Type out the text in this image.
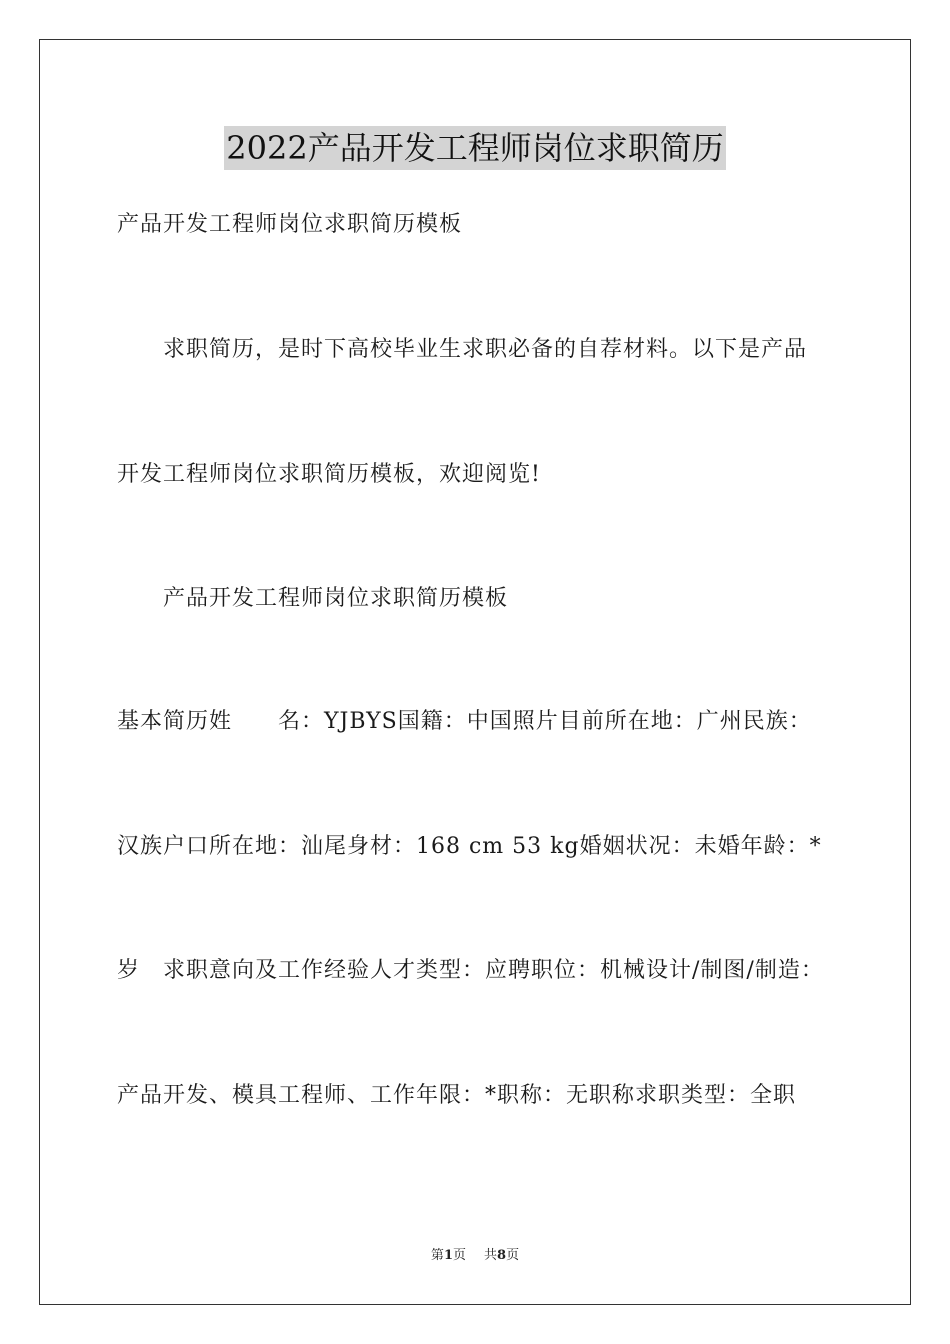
2022产品开发工程师岗位求职简历
产品开发工程师岗位求职简历模板
求职简历，是时下高校毕业生求职必备的自荐材料。以下是产品
开发工程师岗位求职简历模板，欢迎阅览!
产品开发工程师岗位求职简历模板
基本简历姓　　名：YJBYS国籍：中国照片目前所在地：广州民族：
汉族户口所在地：汕尾身材：168 cm 53 kg婚姻状况：未婚年龄：*
岁　求职意向及工作经验人才类型：应聘职位：机械设计/制图/制造：
产品开发、模具工程师、工作年限：*职称：无职称求职类型：全职
第1页 共8页
